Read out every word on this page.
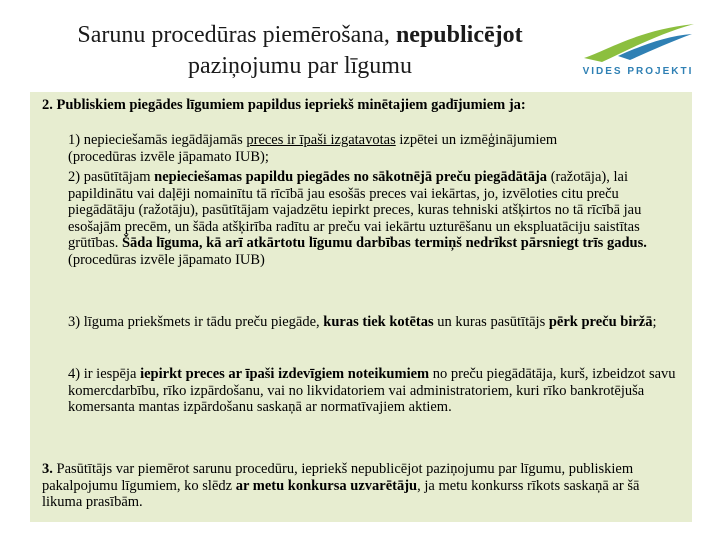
Sarunu procedūras piemērošana, nepublicējot
paziņojumu par līgumu	VIDES PROJEKTI

2. Publiskiem piegādes līgumiem papildus iepriekš minētajiem gadījumiem ja:

1) nepieciešamās iegādājamās preces ir īpaši izgatavotas izpētei un izmēģinājumiem (procedūras izvēle jāpamato IUB);

2) pasūtītājam nepieciešamas papildu piegādes no sākotnējā preču piegādātāja (ražotāja), lai papildinātu vai daļēji nomainītu tā rīcībā jau esošās preces vai iekārtas, jo, izvēloties citu preču piegādātāju (ražotāju), pasūtītājam vajadzētu iepirkt preces, kuras tehniski atšķirtos no tā rīcībā jau esošajām precēm, un šāda atšķirība radītu ar preču vai iekārtu uzturēšanu un ekspluatāciju saistītas grūtības. Šāda līguma, kā arī atkārtotu līgumu darbības termiņš nedrīkst pārsniegt trīs gadus. (procedūras izvēle jāpamato IUB)

3) līguma priekšmets ir tādu preču piegāde, kuras tiek kotētas un kuras pasūtītājs pērk preču biržā;

4) ir iespēja iepirkt preces ar īpaši izdevīgiem noteikumiem no preču piegādātāja, kurš, izbeidzot savu komercdarbību, rīko izpārdošanu, vai no likvidatoriem vai administratoriem, kuri rīko bankrotējuša komersanta mantas izpārdošanu saskaņā ar normatīvajiem aktiem.

3. Pasūtītājs var piemērot sarunu procedūru, iepriekš nepublicējot paziņojumu par līgumu, publiskiem pakalpojumu līgumiem, ko slēdz ar metu konkursa uzvarētāju, ja metu konkurss rīkots saskaņā ar šā likuma prasībām.
